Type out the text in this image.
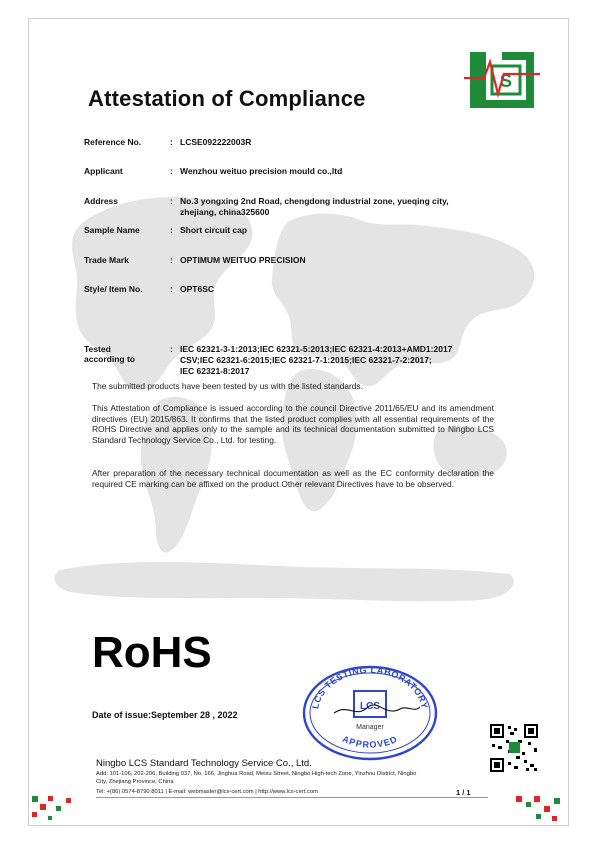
S
Attestation of Compliance
Reference No.	: LCSE092222003R
Applicant	: Wenzhou weituo precision mould co.,ltd
Address	: No.3 yongxing 2nd Road, chengdong industrial zone, yueqing city,
zhejiang, china325600
Sample Name	: Short circuit cap
Trade Mark	: OPTIMUM WEITUO PRECISION
Style/ Item No.	: OPT6SC
Tested
according to
: IEC 62321-3-1:2013;IEC 62321-5:2013;IEC 62321-4:2013+AMD1:2017
CSV;IEC 62321-6:2015;IEC 62321-7-1:2015;IEC 62321-7-2:2017;
IEC 62321-8:2017
The submitted products have been tested by us with the listed standards.
This Attestation of Compliance is issued according to the council Directive 2011/65/EU and its amendment directives (EU) 2015/863. It confirms that the listed product complies with all essential requirements of the ROHS Directive and applies only to the sample and its technical documentation submitted to Ningbo LCS Standard Technology Service Co., Ltd. for testing.
After preparation of the necessary technical documentation as well as the EC conformity declaration the required CE marking can be affixed on the product.Other relevant Directives have to be observed.
RoHS
Date of issue:September 28 , 2022
LCS TESTING LABORATORY
APPROVED
LCS
Manager
Ningbo LCS Standard Technology Service Co., Ltd.
Add: 101-106, 202-206, Building 037, No. 166, Jinghua Road, Meixu Street, Ningbo High-tech Zone, Yinzhou District, Ningbo
City, Zhejiang Province, China
Tel: +(86) 0574-8790 8011 | E-mail: webmaster@lcs-cert.com | http://www.lcs-cert.com	1 / 1
